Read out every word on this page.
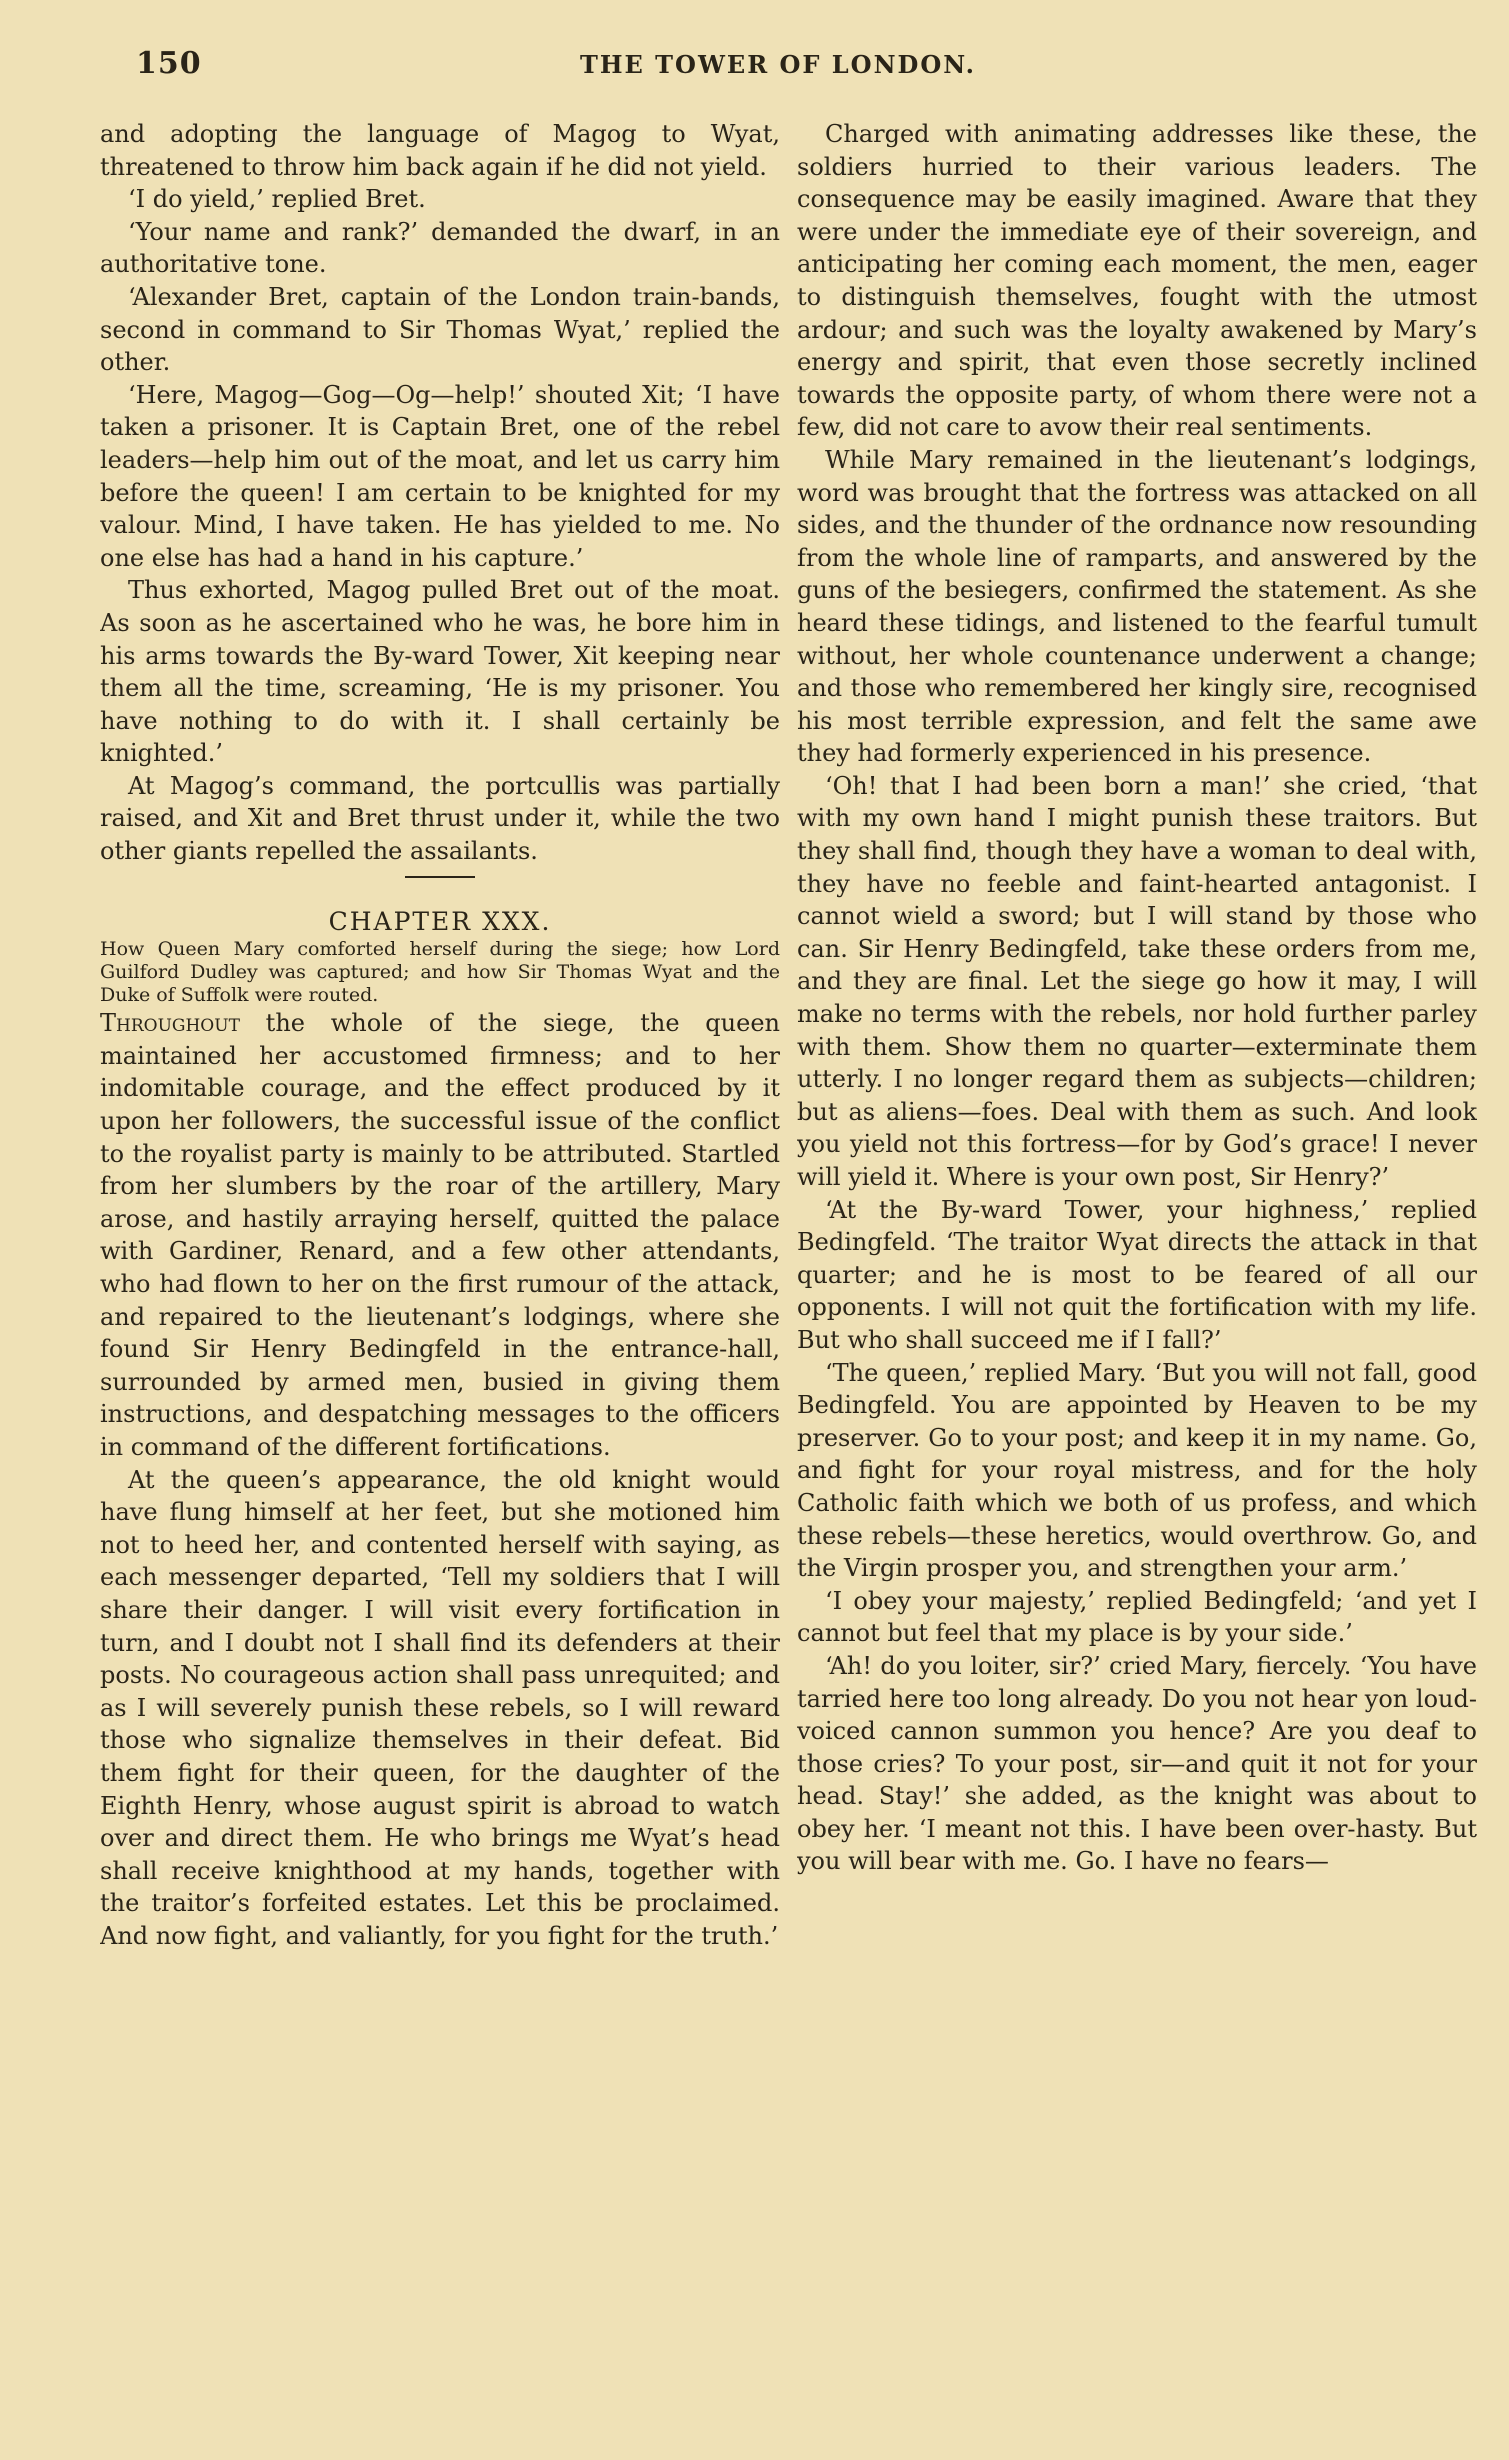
150	THE TOWER OF LONDON.

and adopting the language of Magog to Wyat, threatened to throw him back again if he did not yield.

‘I do yield,’ replied Bret.

‘Your name and rank?’ demanded the dwarf, in an authoritative tone.

‘Alexander Bret, captain of the London train-bands, second in command to Sir Thomas Wyat,’ replied the other.

‘Here, Magog—Gog—Og—help!’ shouted Xit; ‘I have taken a prisoner. It is Captain Bret, one of the rebel leaders—help him out of the moat, and let us carry him before the queen! I am certain to be knighted for my valour. Mind, I have taken. He has yielded to me. No one else has had a hand in his capture.’

Thus exhorted, Magog pulled Bret out of the moat. As soon as he ascertained who he was, he bore him in his arms towards the By-ward Tower, Xit keeping near them all the time, screaming, ‘He is my prisoner. You have nothing to do with it. I shall certainly be knighted.’

At Magog’s command, the portcullis was partially raised, and Xit and Bret thrust under it, while the two other giants repelled the assailants.

CHAPTER XXX.

How Queen Mary comforted herself during the siege; how Lord Guilford Dudley was captured; and how Sir Thomas Wyat and the Duke of Suffolk were routed.

Throughout the whole of the siege, the queen maintained her accustomed firmness; and to her indomitable courage, and the effect produced by it upon her followers, the successful issue of the conflict to the royalist party is mainly to be attributed. Startled from her slumbers by the roar of the artillery, Mary arose, and hastily arraying herself, quitted the palace with Gardiner, Renard, and a few other attendants, who had flown to her on the first rumour of the attack, and repaired to the lieutenant’s lodgings, where she found Sir Henry Bedingfeld in the entrance-hall, surrounded by armed men, busied in giving them instructions, and despatching messages to the officers in command of the different fortifications.

At the queen’s appearance, the old knight would have flung himself at her feet, but she motioned him not to heed her, and contented herself with saying, as each messenger departed, ‘Tell my soldiers that I will share their danger. I will visit every fortification in turn, and I doubt not I shall find its defenders at their posts. No courageous action shall pass unrequited; and as I will severely punish these rebels, so I will reward those who signalize themselves in their defeat. Bid them fight for their queen, for the daughter of the Eighth Henry, whose august spirit is abroad to watch over and direct them. He who brings me Wyat’s head shall receive knighthood at my hands, together with the traitor’s forfeited estates. Let this be proclaimed. And now fight, and valiantly, for you fight for the truth.’

Charged with animating addresses like these, the soldiers hurried to their various leaders. The consequence may be easily imagined. Aware that they were under the immediate eye of their sovereign, and anticipating her coming each moment, the men, eager to distinguish themselves, fought with the utmost ardour; and such was the loyalty awakened by Mary’s energy and spirit, that even those secretly inclined towards the opposite party, of whom there were not a few, did not care to avow their real sentiments.

While Mary remained in the lieutenant’s lodgings, word was brought that the fortress was attacked on all sides, and the thunder of the ordnance now resounding from the whole line of ramparts, and answered by the guns of the besiegers, confirmed the statement. As she heard these tidings, and listened to the fearful tumult without, her whole countenance underwent a change; and those who remembered her kingly sire, recognised his most terrible expression, and felt the same awe they had formerly experienced in his presence.

‘Oh! that I had been born a man!’ she cried, ‘that with my own hand I might punish these traitors. But they shall find, though they have a woman to deal with, they have no feeble and faint-hearted antagonist. I cannot wield a sword; but I will stand by those who can. Sir Henry Bedingfeld, take these orders from me, and they are final. Let the siege go how it may, I will make no terms with the rebels, nor hold further parley with them. Show them no quarter—exterminate them utterly. I no longer regard them as subjects—children; but as aliens—foes. Deal with them as such. And look you yield not this fortress—for by God’s grace! I never will yield it. Where is your own post, Sir Henry?’

‘At the By-ward Tower, your highness,’ replied Bedingfeld. ‘The traitor Wyat directs the attack in that quarter; and he is most to be feared of all our opponents. I will not quit the fortification with my life. But who shall succeed me if I fall?’

‘The queen,’ replied Mary. ‘But you will not fall, good Bedingfeld. You are appointed by Heaven to be my preserver. Go to your post; and keep it in my name. Go, and fight for your royal mistress, and for the holy Catholic faith which we both of us profess, and which these rebels—these heretics, would overthrow. Go, and the Virgin prosper you, and strengthen your arm.’

‘I obey your majesty,’ replied Bedingfeld; ‘and yet I cannot but feel that my place is by your side.’

‘Ah! do you loiter, sir?’ cried Mary, fiercely. ‘You have tarried here too long already. Do you not hear yon loud-voiced cannon summon you hence? Are you deaf to those cries? To your post, sir—and quit it not for your head. Stay!’ she added, as the knight was about to obey her. ‘I meant not this. I have been over-hasty. But you will bear with me. Go. I have no fears—
